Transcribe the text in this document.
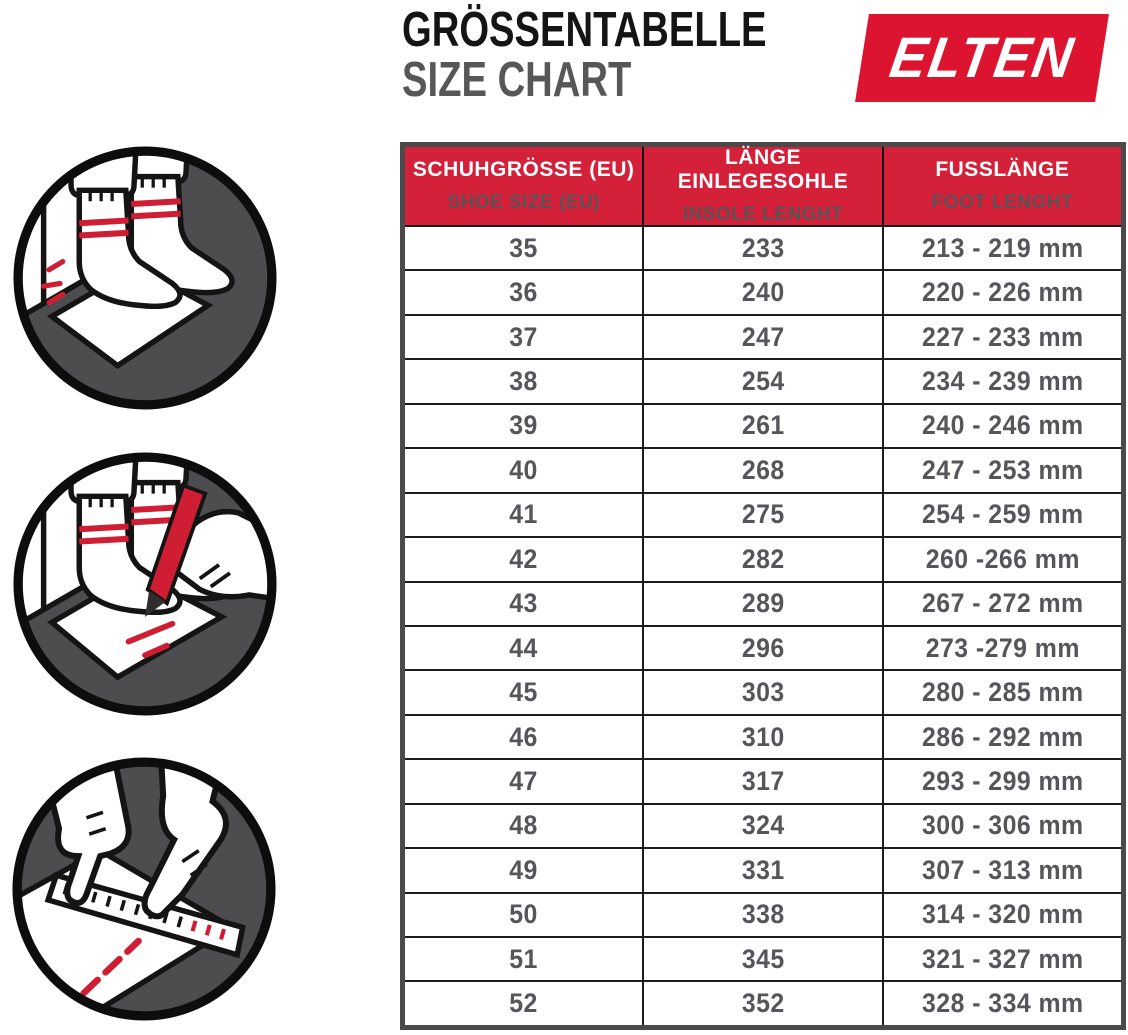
GRÖSSENTABELLE
SIZE CHART	ELTEN
SCHUHGRÖSSE (EU)
SHOE SIZE (EU)
LÄNGE EINLEGESOHLE
INSOLE LENGHT
FUSSLÄNGE
FOOT LENGHT
35	233	213 - 219 mm
36	240	220 - 226 mm
37	247	227 - 233 mm
38	254	234 - 239 mm
39	261	240 - 246 mm
40	268	247 - 253 mm
41	275	254 - 259 mm
42	282	260 -266 mm
43	289	267 - 272 mm
44	296	273 -279 mm
45	303	280 - 285 mm
46	310	286 - 292 mm
47	317	293 - 299 mm
48	324	300 - 306 mm
49	331	307 - 313 mm
50	338	314 - 320 mm
51	345	321 - 327 mm
52	352	328 - 334 mm
